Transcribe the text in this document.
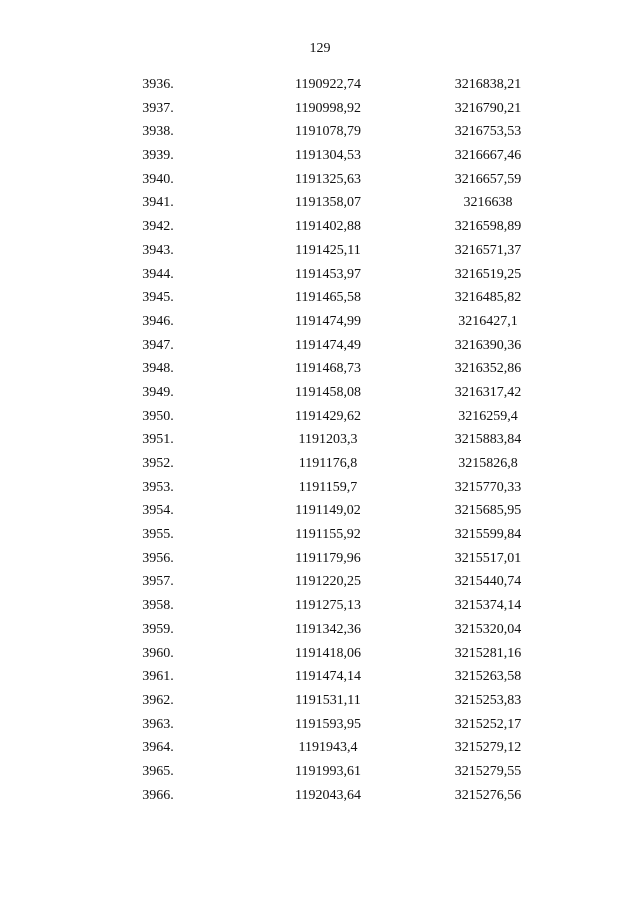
129
3936.	1190922,74	3216838,21
3937.	1190998,92	3216790,21
3938.	1191078,79	3216753,53
3939.	1191304,53	3216667,46
3940.	1191325,63	3216657,59
3941.	1191358,07	3216638
3942.	1191402,88	3216598,89
3943.	1191425,11	3216571,37
3944.	1191453,97	3216519,25
3945.	1191465,58	3216485,82
3946.	1191474,99	3216427,1
3947.	1191474,49	3216390,36
3948.	1191468,73	3216352,86
3949.	1191458,08	3216317,42
3950.	1191429,62	3216259,4
3951.	1191203,3	3215883,84
3952.	1191176,8	3215826,8
3953.	1191159,7	3215770,33
3954.	1191149,02	3215685,95
3955.	1191155,92	3215599,84
3956.	1191179,96	3215517,01
3957.	1191220,25	3215440,74
3958.	1191275,13	3215374,14
3959.	1191342,36	3215320,04
3960.	1191418,06	3215281,16
3961.	1191474,14	3215263,58
3962.	1191531,11	3215253,83
3963.	1191593,95	3215252,17
3964.	1191943,4	3215279,12
3965.	1191993,61	3215279,55
3966.	1192043,64	3215276,56
